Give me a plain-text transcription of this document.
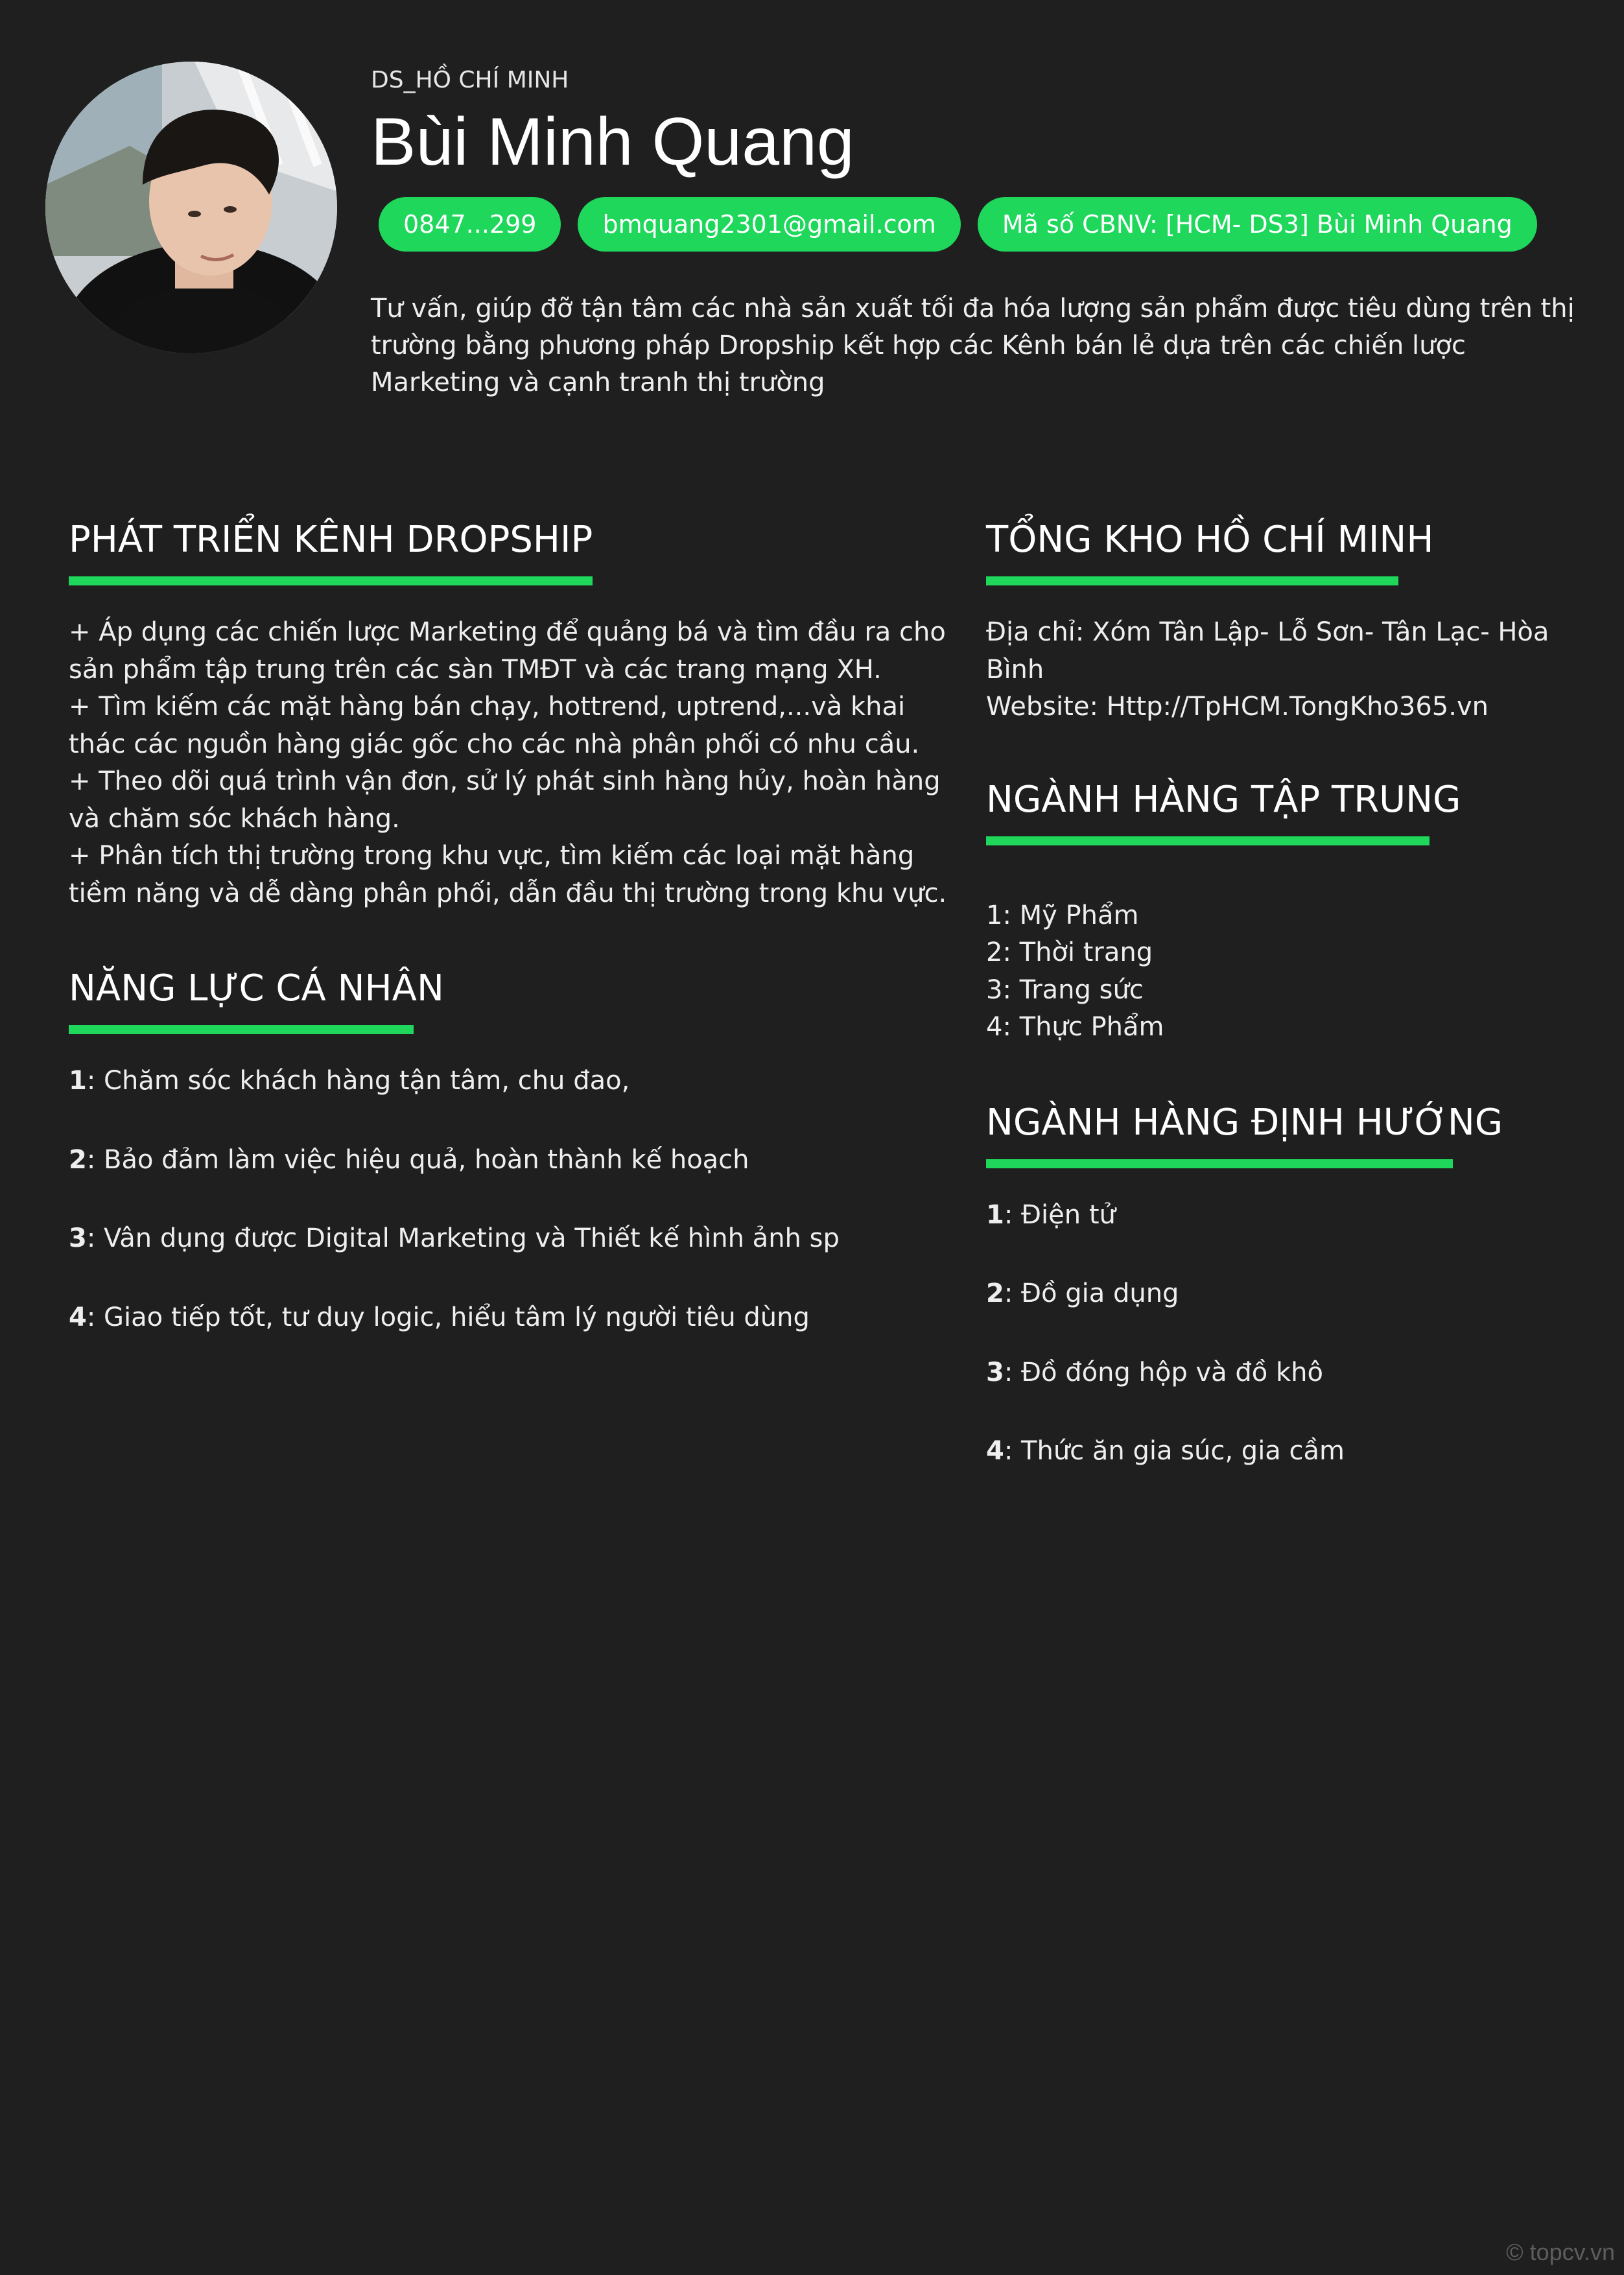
DS_HỒ CHÍ MINH
Bùi Minh Quang
0847...299	bmquang2301@gmail.com	Mã số CBNV: [HCM- DS3] Bùi Minh Quang
Tư vấn, giúp đỡ tận tâm các nhà sản xuất tối đa hóa lượng sản phẩm được tiêu dùng trên thị trường bằng phương pháp Dropship kết hợp các Kênh bán lẻ dựa trên các chiến lược Marketing và cạnh tranh thị trường
PHÁT TRIỂN KÊNH DROPSHIP

+ Áp dụng các chiến lược Marketing để quảng bá và tìm đầu ra cho sản phẩm tập trung trên các sàn TMĐT và các trang mạng XH.

+ Tìm kiếm các mặt hàng bán chạy, hottrend, uptrend,...và khai thác các nguồn hàng giác gốc cho các nhà phân phối có nhu cầu.

+ Theo dõi quá trình vận đơn, sử lý phát sinh hàng hủy, hoàn hàng và chăm sóc khách hàng.

+ Phân tích thị trường trong khu vực, tìm kiếm các loại mặt hàng tiềm năng và dễ dàng phân phối, dẫn đầu thị trường trong khu vực.

NĂNG LỰC CÁ NHÂN
1: Chăm sóc khách hàng tận tâm, chu đao,
2: Bảo đảm làm việc hiệu quả, hoàn thành kế hoạch
3: Vân dụng được Digital Marketing và Thiết kế hình ảnh sp
4: Giao tiếp tốt, tư duy logic, hiểu tâm lý người tiêu dùng
TỔNG KHO HỒ CHÍ MINH

Địa chỉ: Xóm Tân Lập- Lỗ Sơn- Tân Lạc- Hòa Bình

Website: Http://TpHCM.TongKho365.vn

NGÀNH HÀNG TẬP TRUNG

1: Mỹ Phẩm

2: Thời trang

3: Trang sức

4: Thực Phẩm

NGÀNH HÀNG ĐỊNH HƯỚNG
1: Điện tử
2: Đồ gia dụng
3: Đồ đóng hộp và đồ khô
4: Thức ăn gia súc, gia cầm
© topcv.vn
